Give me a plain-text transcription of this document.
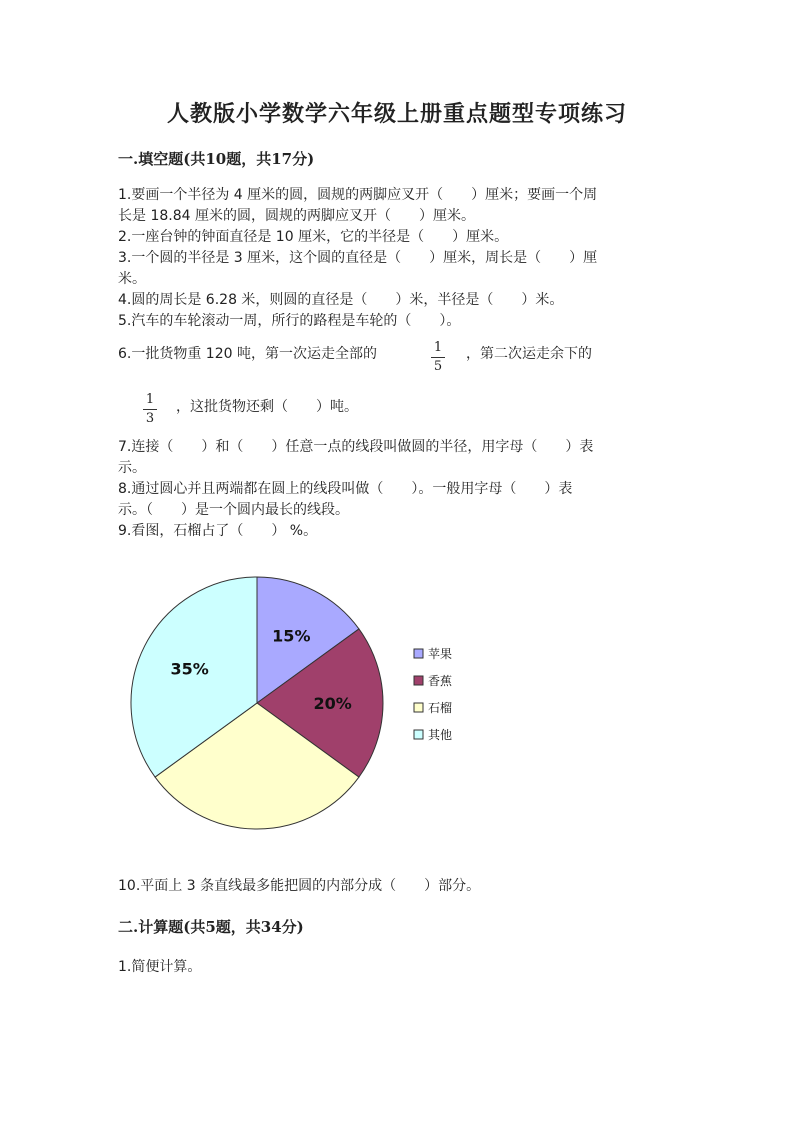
人教版小学数学六年级上册重点题型专项练习

一.填空题(共10题，共17分)

1.要画一个半径为 4 厘米的圆，圆规的两脚应叉开（　　）厘米；要画一个周

长是 18.84 厘米的圆，圆规的两脚应叉开（　　）厘米。

2.一座台钟的钟面直径是 10 厘米，它的半径是（　　）厘米。

3.一个圆的半径是 3 厘米，这个圆的直径是（　　）厘米，周长是（　　）厘

米。

4.圆的周长是 6.28 米，则圆的直径是（　　）米，半径是（　　）米。

5.汽车的车轮滚动一周，所行的路程是车轮的（　　）。

6.一批货物重 120 吨，第一次运走全部的	1
5

，第二次运走余下的

1
3

，这批货物还剩（　　）吨。

7.连接（　　）和（　　）任意一点的线段叫做圆的半径，用字母（　　）表

示。

8.通过圆心并且两端都在圆上的线段叫做（　　）。一般用字母（　　）表

示。（　　）是一个圆内最长的线段。

9.看图，石榴占了（　　） %。

15%
20%
35%
苹果
香蕉
石榴
其他

10.平面上 3 条直线最多能把圆的内部分成（　　）部分。

二.计算题(共5题，共34分)

1.简便计算。
